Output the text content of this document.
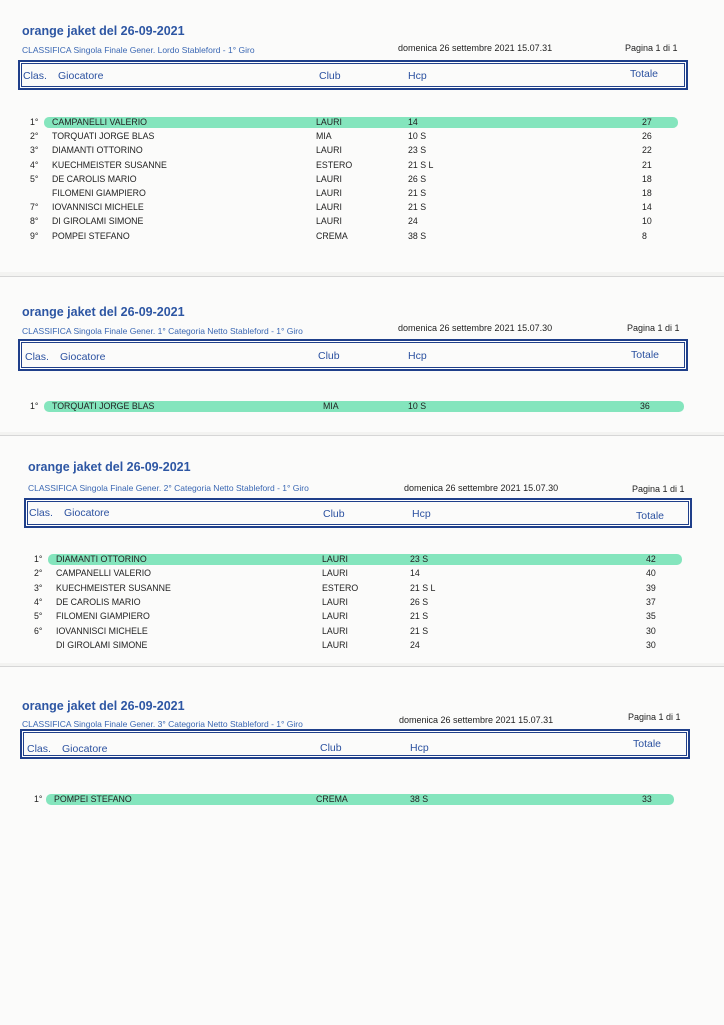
orange jaket del 26-09-2021
CLASSIFICA Singola Finale Gener. Lordo Stableford - 1° Giro	domenica 26 settembre 2021 15.07.31	Pagina 1 di 1
Clas. Giocatore	Club	Hcp	Totale
1° CAMPANELLI VALERIO	LAURI	14	27
2° TORQUATI JORGE BLAS	MIA	10 S	26
3° DIAMANTI OTTORINO	LAURI	23 S	22
4° KUECHMEISTER SUSANNE	ESTERO	21 S L	21
5° DE CAROLIS MARIO	LAURI	26 S	18
FILOMENI GIAMPIERO	LAURI	21 S	18
7° IOVANNISCI MICHELE	LAURI	21 S	14
8° DI GIROLAMI SIMONE	LAURI	24	10
9° POMPEI STEFANO	CREMA	38 S	8
orange jaket del 26-09-2021
CLASSIFICA Singola Finale Gener. 1° Categoria Netto Stableford - 1° Giro	domenica 26 settembre 2021 15.07.30	Pagina 1 di 1
Clas. Giocatore	Club	Hcp	Totale
1° TORQUATI JORGE BLAS	MIA	10 S	36
orange jaket del 26-09-2021
CLASSIFICA Singola Finale Gener. 2° Categoria Netto Stableford - 1° Giro	domenica 26 settembre 2021 15.07.30	Pagina 1 di 1
Clas. Giocatore	Club	Hcp	Totale
1° DIAMANTI OTTORINO	LAURI	23 S	42
2° CAMPANELLI VALERIO	LAURI	14	40
3° KUECHMEISTER SUSANNE	ESTERO	21 S L	39
4° DE CAROLIS MARIO	LAURI	26 S	37
5° FILOMENI GIAMPIERO	LAURI	21 S	35
6° IOVANNISCI MICHELE	LAURI	21 S	30
DI GIROLAMI SIMONE	LAURI	24	30
orange jaket del 26-09-2021
CLASSIFICA Singola Finale Gener. 3° Categoria Netto Stableford - 1° Giro	domenica 26 settembre 2021 15.07.31	Pagina 1 di 1
Clas. Giocatore	Club	Hcp	Totale
1° POMPEI STEFANO	CREMA	38 S	33
